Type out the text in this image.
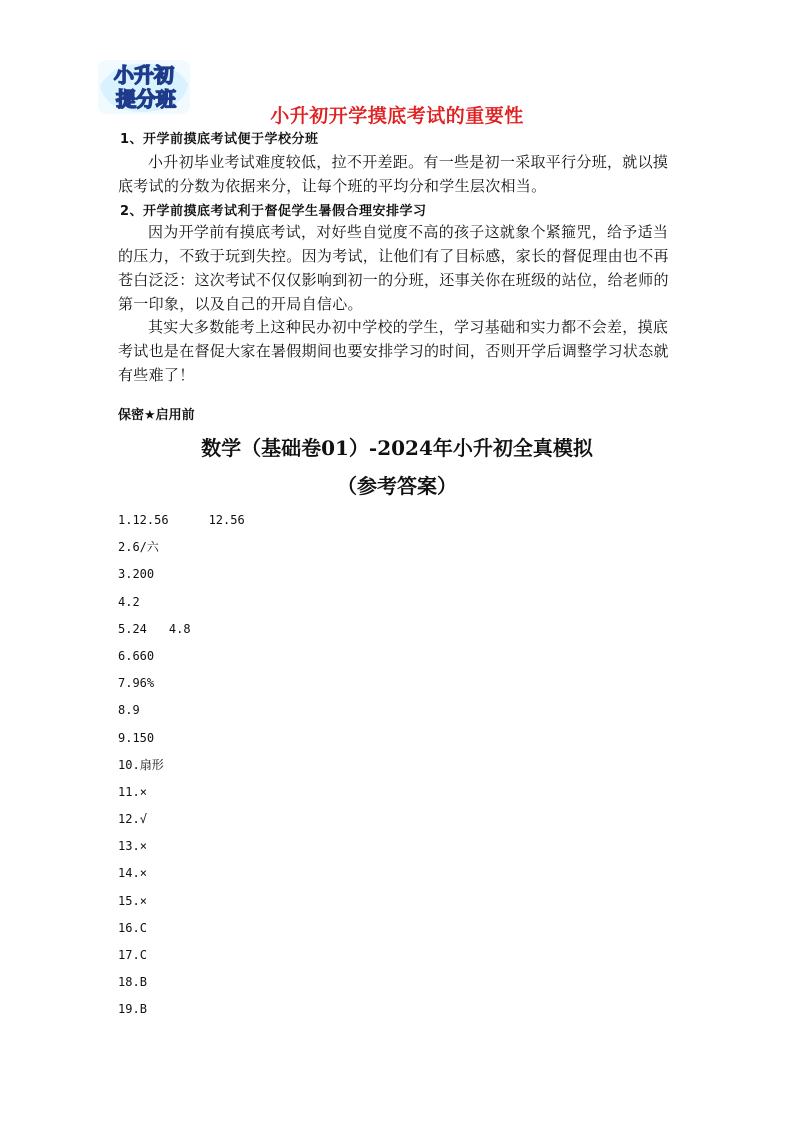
小升初
提分班
小升初开学摸底考试的重要性
1、开学前摸底考试便于学校分班

小升初毕业考试难度较低，拉不开差距。有一些是初一采取平行分班，就以摸底考试的分数为依据来分，让每个班的平均分和学生层次相当。

2、开学前摸底考试利于督促学生暑假合理安排学习

因为开学前有摸底考试，对好些自觉度不高的孩子这就象个紧箍咒，给予适当的压力，不致于玩到失控。因为考试，让他们有了目标感，家长的督促理由也不再苍白泛泛：这次考试不仅仅影响到初一的分班，还事关你在班级的站位，给老师的第一印象，以及自己的开局自信心。

其实大多数能考上这种民办初中学校的学生，学习基础和实力都不会差，摸底考试也是在督促大家在暑假期间也要安排学习的时间，否则开学后调整学习状态就有些难了！

保密★启用前
数学（基础卷01）-2024年小升初全真模拟
（参考答案）
1.12.56	12.56
2.6/六
3.200
4.2
5.24 4.8
6.660
7.96%
8.9
9.150
10.扇形
11.×
12.√
13.×
14.×
15.×
16.C
17.C
18.B
19.B
